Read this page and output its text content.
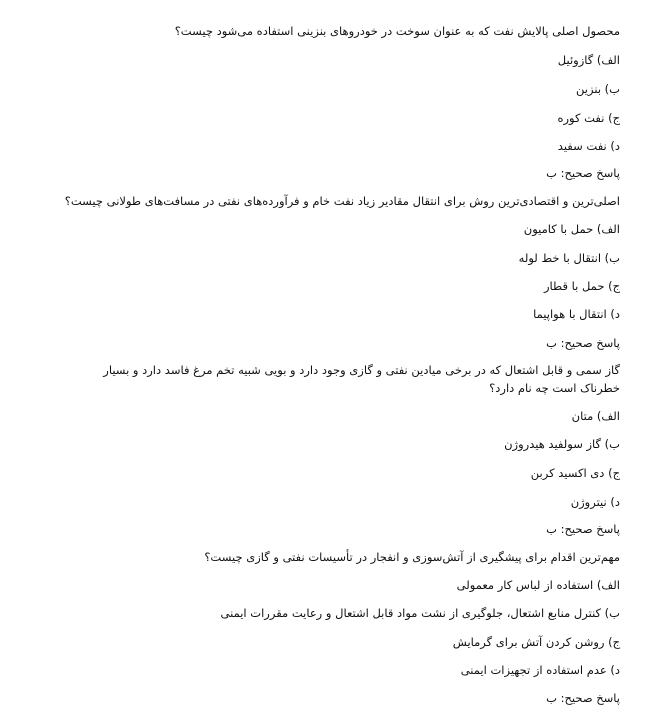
محصول اصلی پالایش نفت که به عنوان سوخت در خودروهای بنزینی استفاده می‌شود چیست؟
الف) گازوئیل
ب) بنزین
ج) نفت کوره
د) نفت سفید
پاسخ صحیح: ب
اصلی‌ترین و اقتصادی‌ترین روش برای انتقال مقادیر زیاد نفت خام و فرآورده‌های نفتی در مسافت‌های طولانی چیست؟
الف) حمل با کامیون
ب) انتقال با خط لوله
ج) حمل با قطار
د) انتقال با هواپیما
پاسخ صحیح: ب
گاز سمی و قابل اشتعال که در برخی میادین نفتی و گازی وجود دارد و بویی شبیه تخم مرغ فاسد دارد و بسیار خطرناک است چه نام دارد؟
الف) متان
ب) گاز سولفید هیدروژن
ج) دی اکسید کربن
د) نیتروژن
پاسخ صحیح: ب
مهم‌ترین اقدام برای پیشگیری از آتش‌سوزی و انفجار در تأسیسات نفتی و گازی چیست؟
الف) استفاده از لباس کار معمولی
ب) کنترل منابع اشتعال، جلوگیری از نشت مواد قابل اشتعال و رعایت مقررات ایمنی
ج) روشن کردن آتش برای گرمایش
د) عدم استفاده از تجهیزات ایمنی
پاسخ صحیح: ب
